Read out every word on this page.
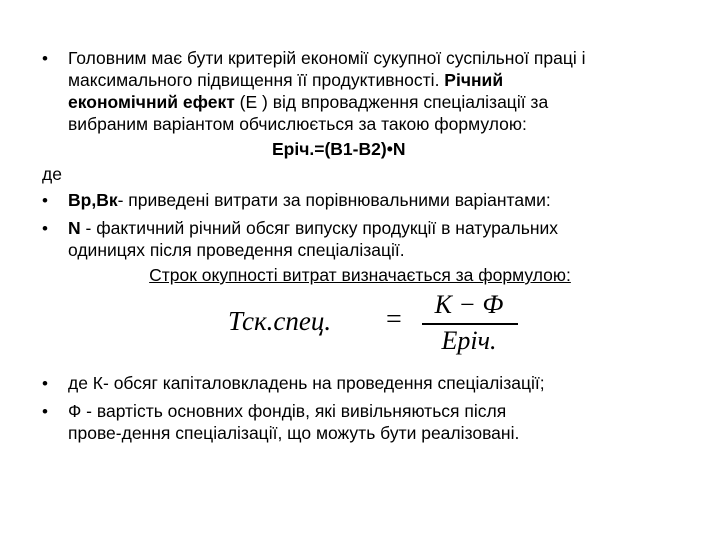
•	Головним має бути критерій економії сукупної суспільної праці і
максимального підвищення її продуктивності. Річний
економічний ефект (Е ) від впровадження спеціалізації за
вибраним варіантом обчислюється за такою формулою:
Еріч.=(В1-В2)•N
де
•	Вр,Вк- приведені витрати за порівнювальними варіантами:
•	N - фактичний річний обсяг випуску продукції в натуральних
одиницях після проведення спеціалізації.
Строк окупності витрат визначається за формулою:
Тск.спец. =	К − Ф
Еріч.
•	де К- обсяг капіталовкладень на проведення спеціалізації;
•	Ф - вартість основних фондів, які вивільняються після
прове-дення спеціалізації, що можуть бути реалізовані.
